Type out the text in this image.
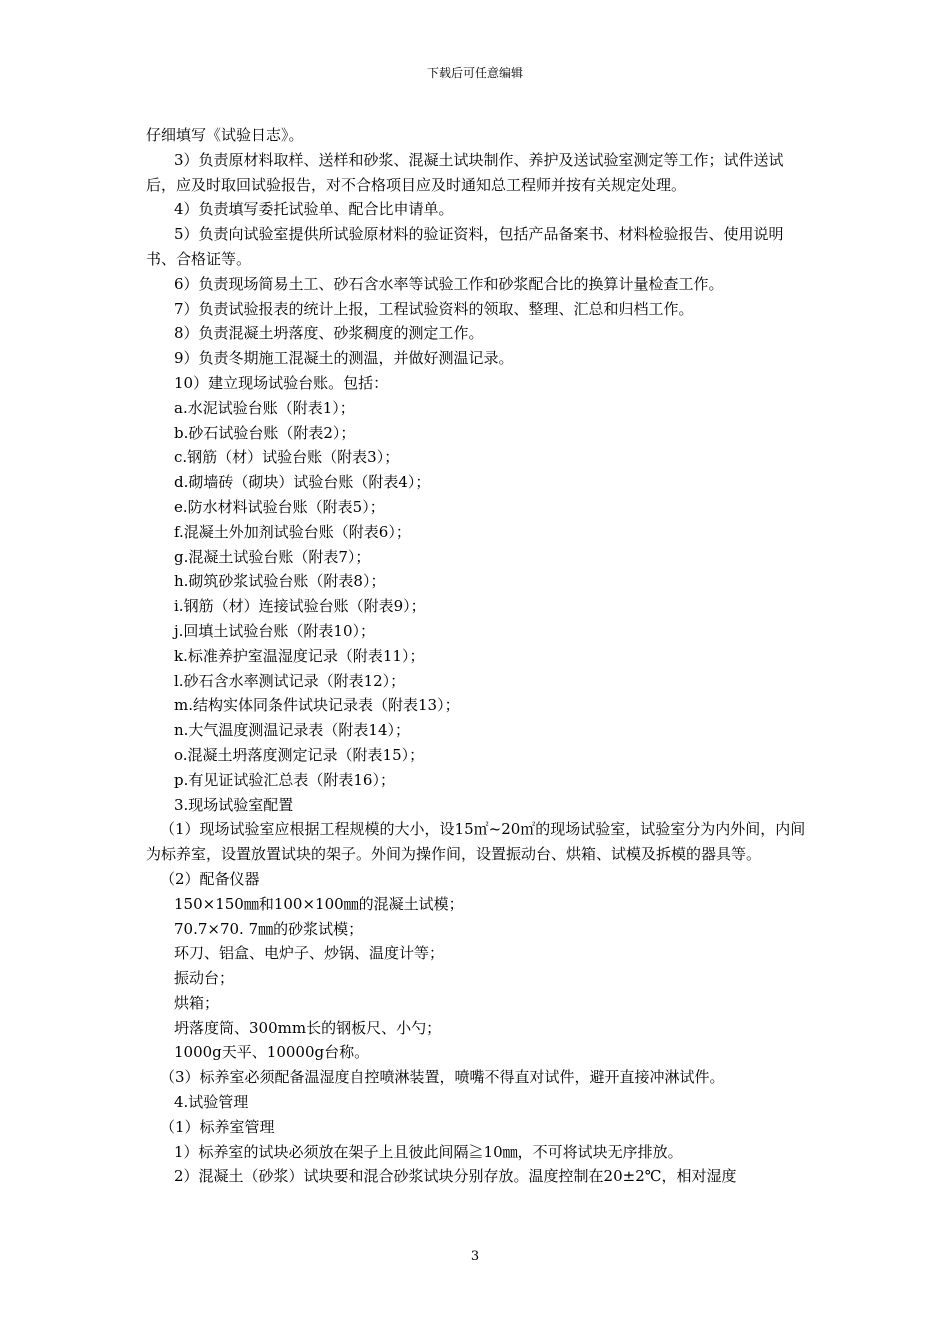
下载后可任意编辑

仔细填写《试验日志》。

3）负责原材料取样、送样和砂浆、混凝土试块制作、养护及送试验室测定等工作；试件送试后，应及时取回试验报告，对不合格项目应及时通知总工程师并按有关规定处理。

4）负责填写委托试验单、配合比申请单。

5）负责向试验室提供所试验原材料的验证资料，包括产品备案书、材料检验报告、使用说明书、合格证等。

6）负责现场简易土工、砂石含水率等试验工作和砂浆配合比的换算计量检查工作。

7）负责试验报表的统计上报，工程试验资料的领取、整理、汇总和归档工作。

8）负责混凝土坍落度、砂浆稠度的测定工作。

9）负责冬期施工混凝土的测温，并做好测温记录。

10）建立现场试验台账。包括：

a.水泥试验台账（附表1）；

b.砂石试验台账（附表2）；

c.钢筋（材）试验台账（附表3）；

d.砌墙砖（砌块）试验台账（附表4）；

e.防水材料试验台账（附表5）；

f.混凝土外加剂试验台账（附表6）；

g.混凝土试验台账（附表7）；

h.砌筑砂浆试验台账（附表8）；

i.钢筋（材）连接试验台账（附表9）；

j.回填土试验台账（附表10）；

k.标准养护室温湿度记录（附表11）；

l.砂石含水率测试记录（附表12）；

m.结构实体同条件试块记录表（附表13）；

n.大气温度测温记录表（附表14）；

o.混凝土坍落度测定记录（附表15）；

p.有见证试验汇总表（附表16）；

3.现场试验室配置

（1）现场试验室应根据工程规模的大小，设15㎡~20㎡的现场试验室，试验室分为内外间，内间为标养室，设置放置试块的架子。外间为操作间，设置振动台、烘箱、试模及拆模的器具等。

（2）配备仪器

150×150㎜和100×100㎜的混凝土试模；

70.7×70. 7㎜的砂浆试模；

环刀、铝盒、电炉子、炒锅、温度计等；

振动台；

烘箱；

坍落度筒、300mm长的钢板尺、小勺；

1000g天平、10000g台称。

（3）标养室必须配备温湿度自控喷淋装置，喷嘴不得直对试件，避开直接冲淋试件。

4.试验管理

（1）标养室管理

1）标养室的试块必须放在架子上且彼此间隔≧10㎜，不可将试块无序排放。

2）混凝土（砂浆）试块要和混合砂浆试块分别存放。温度控制在20±2℃，相对湿度

3
